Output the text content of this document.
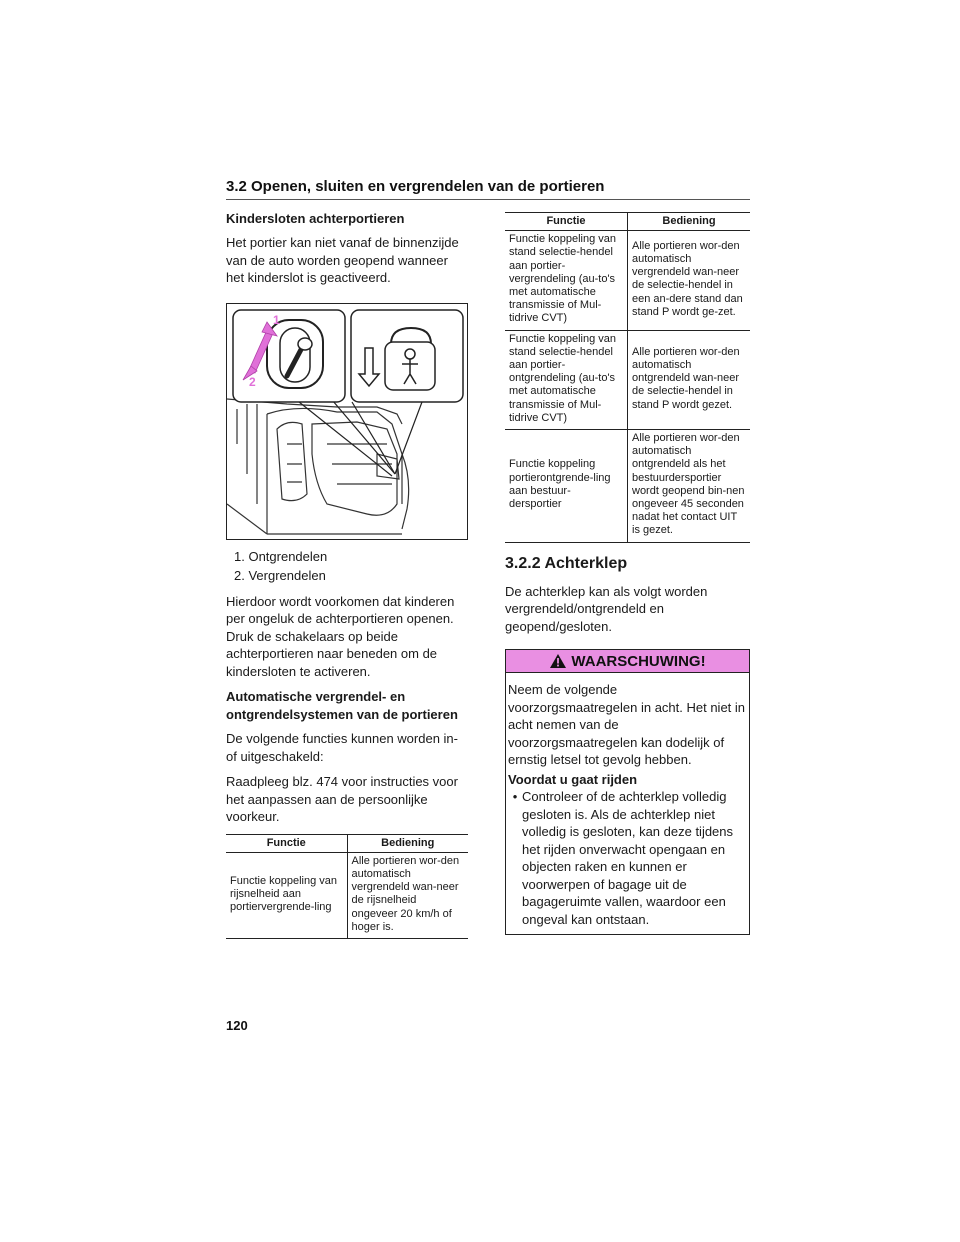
3.2 Openen, sluiten en vergrendelen van de portieren
Kindersloten achterportieren
Het portier kan niet vanaf de binnenzijde van de auto worden geopend wanneer het kinderslot is geactiveerd.
1
2
1. Ontgrendelen
2. Vergrendelen
Hierdoor wordt voorkomen dat kinderen per ongeluk de achterportieren openen. Druk de schakelaars op beide achterportieren naar beneden om de kindersloten te activeren.
Automatische vergrendel- en ontgrendelsystemen van de portieren
De volgende functies kunnen worden in- of uitgeschakeld:
Raadpleeg blz. 474 voor instructies voor het aanpassen aan de persoonlijke voorkeur.
Functie	Bediening
Functie koppeling van rijsnelheid aan portiervergrende-ling	Alle portieren wor-den automatisch vergrendeld wan-neer de rijsnelheid ongeveer 20 km/h of hoger is.
Functie	Bediening
Functie koppeling van stand selectie-hendel aan portier-vergrendeling (au-to's met automatische transmissie of Mul-tidrive CVT)	Alle portieren wor-den automatisch vergrendeld wan-neer de selectie-hendel in een an-dere stand dan stand P wordt ge-zet.
Functie koppeling van stand selectie-hendel aan portier-ontgrendeling (au-to's met automatische transmissie of Mul-tidrive CVT)	Alle portieren wor-den automatisch ontgrendeld wan-neer de selectie-hendel in stand P wordt gezet.
Functie koppeling portierontgrende-ling aan bestuur-dersportier	Alle portieren wor-den automatisch ontgrendeld als het bestuurdersportier wordt geopend bin-nen ongeveer 45 seconden nadat het contact UIT is gezet.
3.2.2 Achterklep
De achterklep kan als volgt worden vergrendeld/ontgrendeld en geopend/gesloten.
WAARSCHUWING!
Neem de volgende voorzorgsmaatregelen in acht. Het niet in acht nemen van de voorzorgsmaatregelen kan dodelijk of ernstig letsel tot gevolg hebben.
Voordat u gaat rijden
• Controleer of de achterklep volledig gesloten is. Als de achterklep niet volledig is gesloten, kan deze tijdens het rijden onverwacht opengaan en objecten raken en kunnen er voorwerpen of bagage uit de bagageruimte vallen, waardoor een ongeval kan ontstaan.
120
